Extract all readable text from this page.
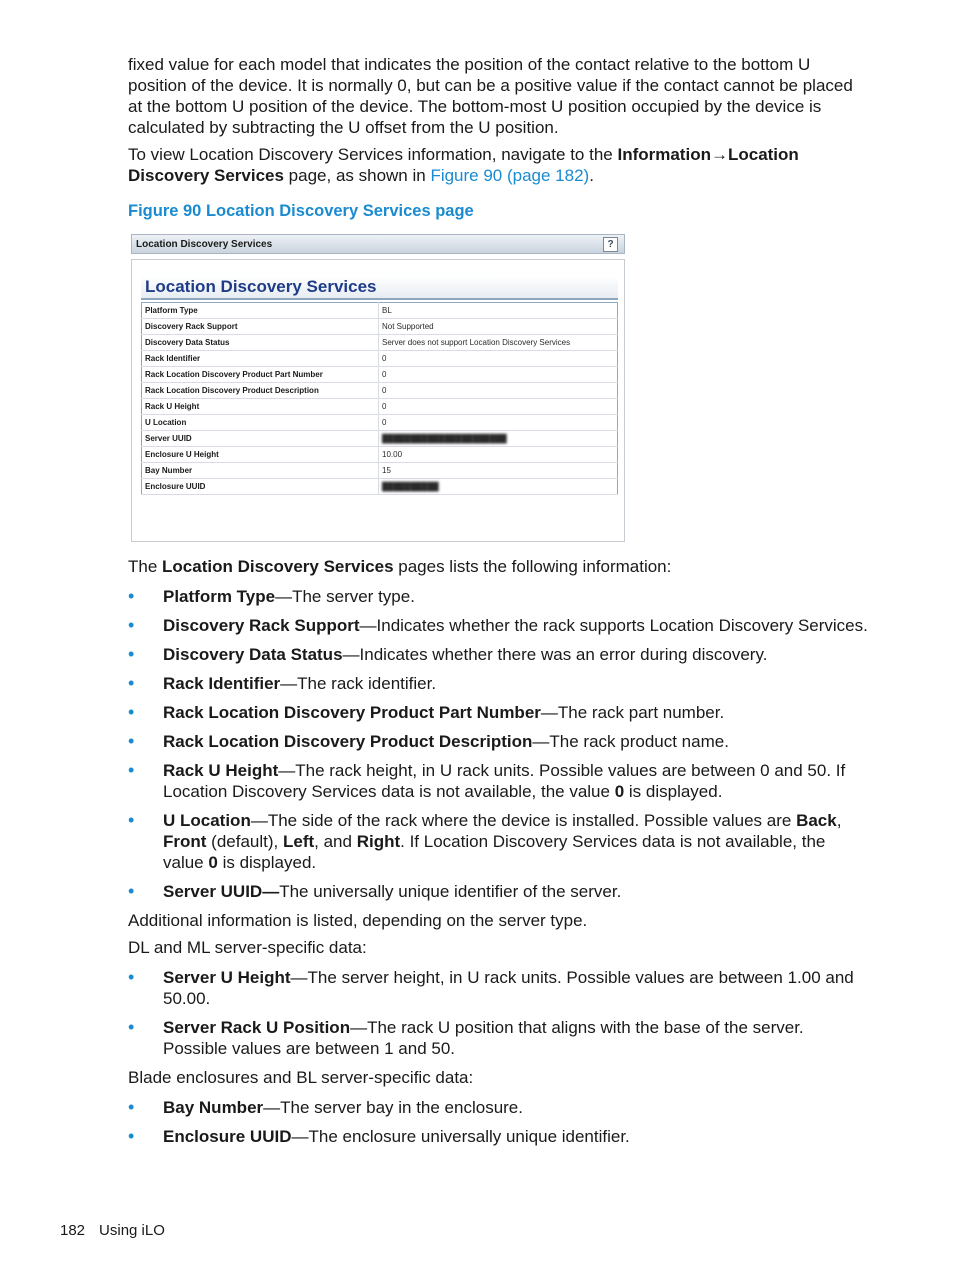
fixed value for each model that indicates the position of the contact relative to the bottom U position of the device. It is normally 0, but can be a positive value if the contact cannot be placed at the bottom U position of the device. The bottom-most U position occupied by the device is calculated by subtracting the U offset from the U position.

To view Location Discovery Services information, navigate to the Information→Location Discovery Services page, as shown in Figure 90 (page 182).

Figure 90 Location Discovery Services page
Location Discovery Services	?
Location Discovery Services
Platform Type	BL
Discovery Rack Support	Not Supported
Discovery Data Status	Server does not support Location Discovery Services
Rack Identifier	0
Rack Location Discovery Product Part Number	0
Rack Location Discovery Product Description	0
Rack U Height	0
U Location	0
Server UUID	██████████████████████
Enclosure U Height	10.00
Bay Number	15
Enclosure UUID	██████████

The Location Discovery Services pages lists the following information:

• Platform Type—The server type.
• Discovery Rack Support—Indicates whether the rack supports Location Discovery Services.
• Discovery Data Status—Indicates whether there was an error during discovery.
• Rack Identifier—The rack identifier.
• Rack Location Discovery Product Part Number—The rack part number.
• Rack Location Discovery Product Description—The rack product name.
• Rack U Height—The rack height, in U rack units. Possible values are between 0 and 50. If Location Discovery Services data is not available, the value 0 is displayed.
• U Location—The side of the rack where the device is installed. Possible values are Back, Front (default), Left, and Right. If Location Discovery Services data is not available, the value 0 is displayed.
• Server UUID—The universally unique identifier of the server.

Additional information is listed, depending on the server type.

DL and ML server-specific data:

• Server U Height—The server height, in U rack units. Possible values are between 1.00 and 50.00.
• Server Rack U Position—The rack U position that aligns with the base of the server. Possible values are between 1 and 50.

Blade enclosures and BL server-specific data:

• Bay Number—The server bay in the enclosure.
• Enclosure UUID—The enclosure universally unique identifier.
182 Using iLO
